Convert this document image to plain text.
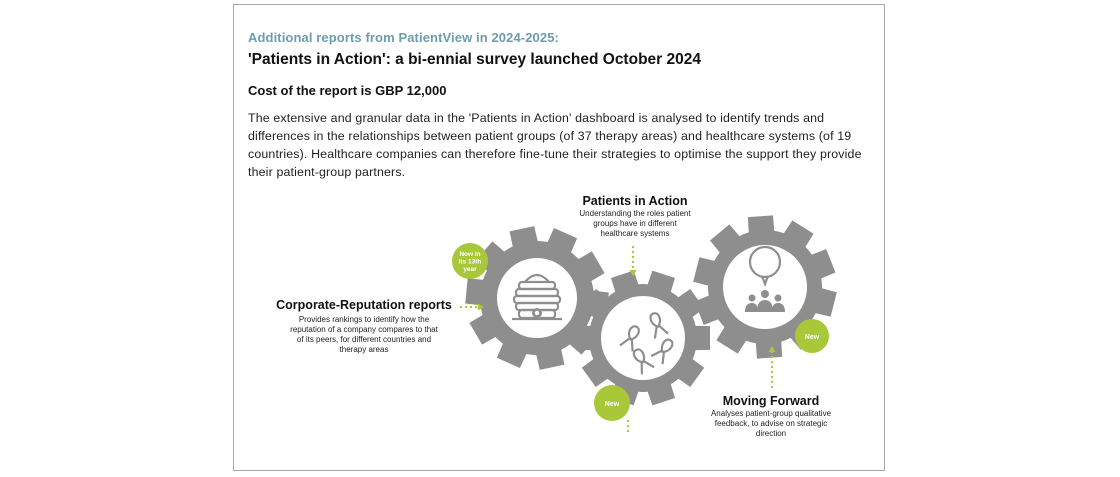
Additional reports from PatientView in 2024-2025:
'Patients in Action': a bi-ennial survey launched October 2024
Cost of the report is GBP 12,000
The extensive and granular data in the 'Patients in Action' dashboard is analysed to identify trends and differences in the relationships between patient groups (of 37 therapy areas) and healthcare systems (of 19 countries). Healthcare companies can therefore fine-tune their strategies to optimise the support they provide their patient-group partners.
Now in
its 13th
year
New
New
Corporate-Reputation reports
Provides rankings to identify how the
reputation of a company compares to that
of its peers, for different countries and
therapy areas
Patients in Action
Understanding the roles patient
groups have in different
healthcare systems
Moving Forward
Analyses patient-group qualitative
feedback, to advise on strategic
direction
